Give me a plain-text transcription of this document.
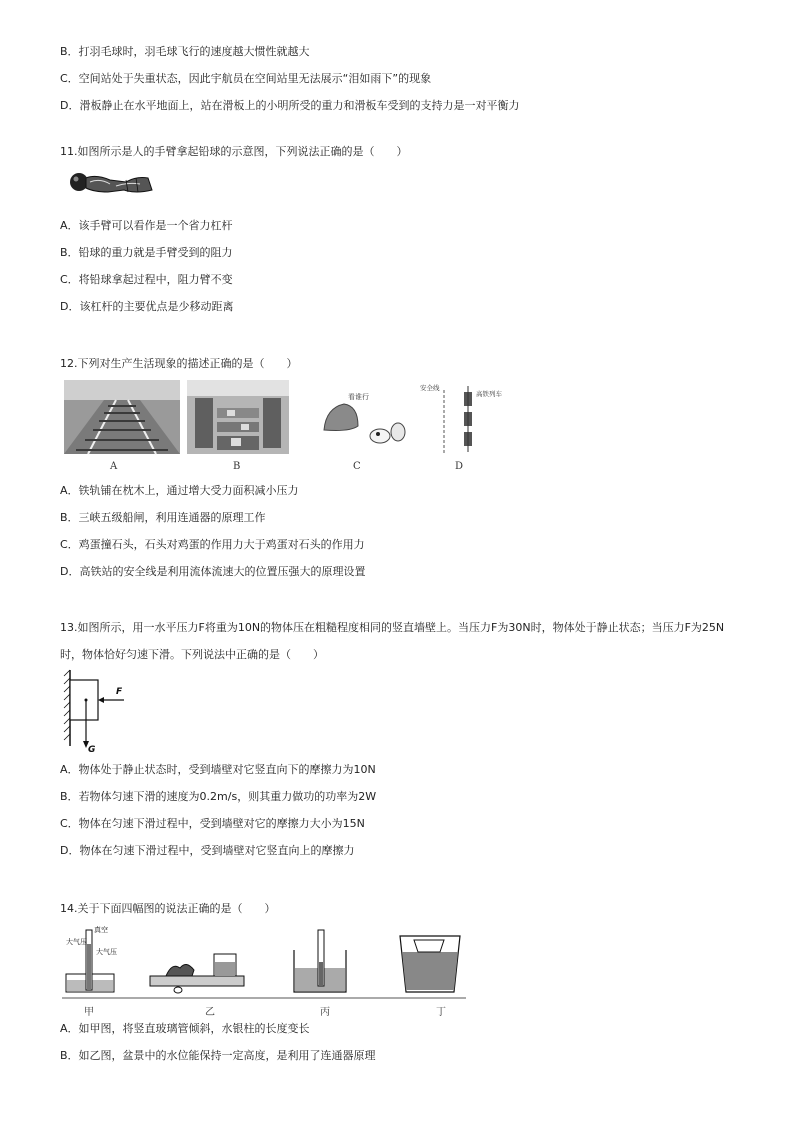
B．打羽毛球时，羽毛球飞行的速度越大惯性就越大
C．空间站处于失重状态，因此宇航员在空间站里无法展示“泪如雨下”的现象
D．滑板静止在水平地面上，站在滑板上的小明所受的重力和滑板车受到的支持力是一对平衡力
11.如图所示是人的手臂拿起铅球的示意图，下列说法正确的是（　　）
A．该手臂可以看作是一个省力杠杆
B．铅球的重力就是手臂受到的阻力
C．将铅球拿起过程中，阻力臂不变
D．该杠杆的主要优点是少移动距离
12.下列对生产生活现象的描述正确的是（　　）
看谁行
安全线
高铁列车
A	B	C	D
A．铁轨铺在枕木上，通过增大受力面积减小压力
B．三峡五级船闸，利用连通器的原理工作
C．鸡蛋撞石头，石头对鸡蛋的作用力大于鸡蛋对石头的作用力
D．高铁站的安全线是利用流体流速大的位置压强大的原理设置
13.如图所示，用一水平压力F将重为10N的物体压在粗糙程度相同的竖直墙壁上。当压力F为30N时，物体处于静止状态；当压力F为25N
时，物体恰好匀速下滑。下列说法中正确的是（　　）
F
G
A．物体处于静止状态时，受到墙壁对它竖直向下的摩擦力为10N
B．若物体匀速下滑的速度为0.2m/s，则其重力做功的功率为2W
C．物体在匀速下滑过程中，受到墙壁对它的摩擦力大小为15N
D．物体在匀速下滑过程中，受到墙壁对它竖直向上的摩擦力
14.关于下面四幅图的说法正确的是（　　）
真空
大气压
大气压
甲	乙	丙	丁
A．如甲图，将竖直玻璃管倾斜，水银柱的长度变长
B．如乙图，盆景中的水位能保持一定高度，是利用了连通器原理
